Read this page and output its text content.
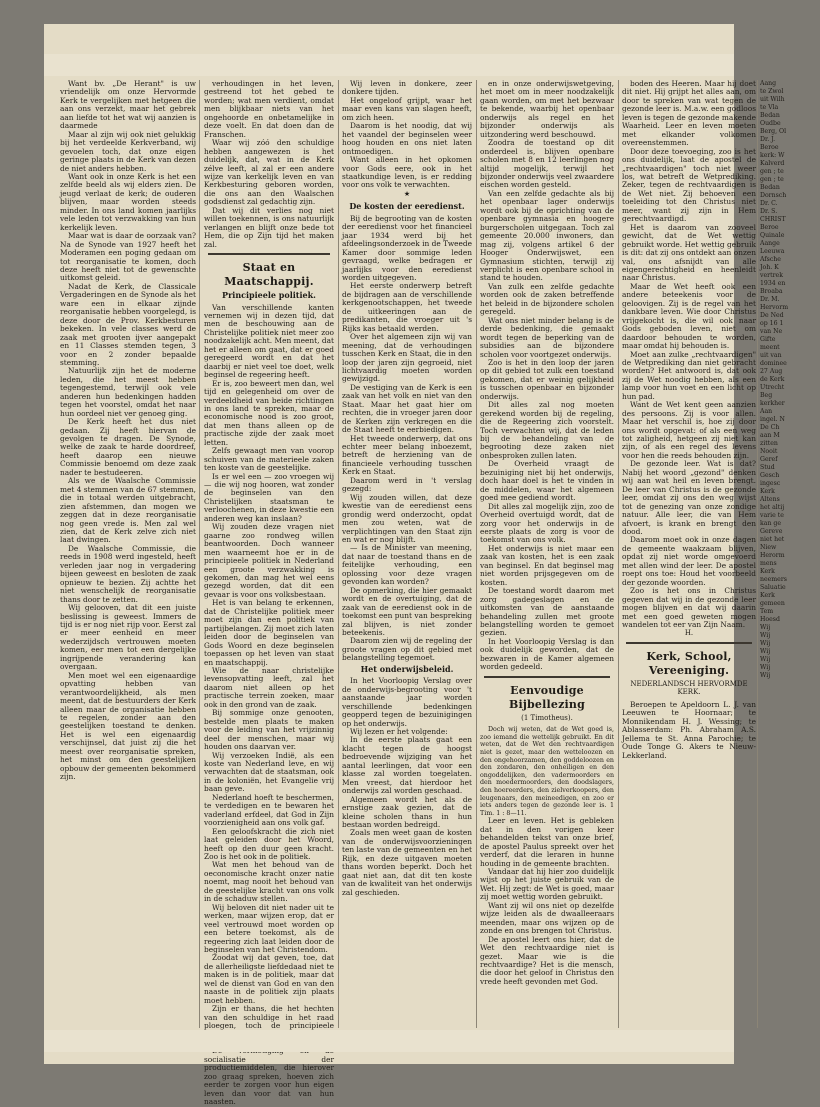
Want bv. „De Herant" is uw vriendelijk om onze Hervormde Kerk te vergelijken met hetgeen die aan ons verzekt, maar het gebrek aan liefde tot het wat wij aanzien is daarmede

Maar al zijn wij ook niet gelukkig bij het verdeelde Kerkverband, wij gevoelen toch, dat onze eigen geringe plaats in de Kerk van dezen de niet anders hebben.

Want ook in onze Kerk is het een zelfde beeld als wij elders zien. De jeugd verlaat de kerk; de ouderen blijven, maar worden steeds minder. In ons land komen jaarlijks vele leden tot verzwakking van hun kerkelijk leven.

Maar wat is daar de oorzaak van? Na de Synode van 1927 heeft het Moderamen een poging gedaan om tot reorganisatie te komen, doch deze heeft niet tot de gewenschte uitkomst geleid.

Nadat de Kerk, de Classicale Vergaderingen en de Synode als het ware een in elkaar zijnde reorganisatie hebben voorgelegd, is deze door de Prov. Kerkbesturen bekeken. In vele classes werd de zaak met grooten ijver aangepakt en 11 Classes stemden tegen, 3 voor en 2 zonder bepaalde stemming.

Natuurlijk zijn het de moderne leden, die het meest hebben tegengestemd, terwijl ook vele anderen hun bedenkingen hadden tegen het voorstel, omdat het naar hun oordeel niet ver genoeg ging.

De Kerk heeft het dus niet gedaan. Zij heeft hiervan de gevolgen te dragen. De Synode, welke de zaak te harde doordreef, heeft daarop een nieuwe Commissie benoemd om deze zaak nader te bestudeeren.

Als we de Waalsche Commissie met 4 stemmen van de 67 stemmen, die in totaal werden uitgebracht, zien afstemmen, dan mogen we zeggen dat in deze reorganisatie nog geen vrede is. Men zal wel zien, dat de Kerk zelve zich niet laat dwingen.

De Waalsche Commissie, die reeds in 1908 werd ingesteld, heeft verleden jaar nog in vergadering bijeen geweest en besloten de zaak opnieuw te bezien. Zij achtte het niet wenschelijk de reorganisatie thans door te zetten.

Wij gelooven, dat dit een juiste beslissing is geweest. Immers de tijd is er nog niet rijp voor. Eerst zal er meer eenheid en meer wederzijdsch vertrouwen moeten komen, eer men tot een dergelijke ingrijpende verandering kan overgaan.

Men moet wel een eigenaardige opvatting hebben van verantwoordelijkheid, als men meent, dat de bestuurders der Kerk alleen maar de organisatie hebben te regelen, zonder aan den geestelijken toestand te denken. Het is wel een eigenaardig verschijnsel, dat juist zij die het meest over reorganisatie spreken, het minst om den geestelijken opbouw der gemeenten bekommerd zijn.

verhoudingen in het leven, gestreend tot het gebed te worden; wat men verdient, omdat men blijkbaar niets van het ongehoorde en onbetamelijke in deze voelt. En dat doen dan de Franschen.

Waar wij zóó den schuldige hebben aangewezen is het duidelijk, dat, wat in de Kerk zélve leeft, al zal er een andere wijze van kerkelijk leven en van Kerkbesturing geboren worden, die ons aan den Waalschen godsdienst zal gedachtig zijn.

Dat wij dit verlies nog niet willen toekennen, is ons natuurlijk verlangen en blijft onze bede tot Hem, die op Zijn tijd het maken zal.

Staat en Maatschappij.
Principieele politiek.

Van verschillende kanten vernemen wij in dezen tijd, dat men de beschouwing aan de Christelijke politiek niet meer zoo noodzakelijk acht. Men meent, dat het er alleen om gaat, dat er goed geregeerd wordt en dat het daarbij er niet veel toe doet, welk beginsel de regeering heeft.

Er is, zoo beweert men dan, wel tijd en gelegenheid om over de verdeeldheid van beide richtingen in ons land te spreken, maar de economische nood is zoo groot, dat men thans alleen op de practische zijde der zaak moet letten.

Zelfs gewaagt men van voorop schuiven van de materieele zaken ten koste van de geestelijke.

Is er wel een — zoo vroegen wij — die wij nog hooren, wat zonder de beginselen van den Christelijken staatsman te verloochenen, in deze kwestie een anderen weg kan inslaan?

Wij zouden deze vragen niet gaarne zoo rondweg willen beantwoorden. Doch wanneer men waarneemt hoe er in de principieele politiek in Nederland een groote verzwakking is gekomen, dan mag het wel eens gezegd worden, dat dit een gevaar is voor ons volksbestaan.

Het is van belang te erkennen, dat de Christelijke politiek meer moet zijn dan een politiek van partijbelangen. Zij moet zich laten leiden door de beginselen van Gods Woord en deze beginselen toepassen op het leven van staat en maatschappij.

Wie de naar christelijke levensopvatting leeft, zal het daarom niet alleen op het practische terrein zoeken, maar ook in den grond van de zaak.

Bij sommige onze genooten, bestelde men plaats te maken voor de leiding van het vrijzinnig deel der menschen, maar wij houden ons daarvan ver.

Wij verzoeken Indië, als een koste van Nederland leve, en wij verwachten dat de staatsman, ook in de koloniën, het Evangelie vrij baan geve.

Nederland hoeft te beschermen, te verdedigen en te bewaren het vaderland erfdeel, dat God in Zijn voorzienigheid aan ons volk gaf.

Een geloofskracht die zich niet laat geleiden door het Woord, heeft op den duur geen kracht. Zoo is het ook in de politiek.

Wat men het behoud van de oeconomische kracht onzer natie noemt, mag nooit het behoud van de geestelijke kracht van ons volk in de schaduw stellen.

Wij beloven dit niet nader uit te werken, maar wijzen erop, dat er veel vertrouwd moet worden op een betere toekomst, als de regeering zich laat leiden door de beginselen van het Christendom.

Zoodat wij dat geven, toe, dat de allerheiligste liefdedaad niet te maken is in de politiek, maar dat wel de dienst van God en van den naaste in de politiek zijn plaats moet hebben.

Zijn er thans, die het hechten van den schuldige in het raad ploegen, toch de principieele

socialisatie der productiemiddelen, die hierover zoo graag spreken, hoeven zich eerder te zorgen voor hun eigen leven dan voor dat van hun naasten.

Wij leven in donkere, zeer donkere tijden.

Het ongeloof grijpt, waar het maar even kans van slagen heeft, om zich heen.

Daarom is het noodig, dat wij het vaandel der beginselen weer hoog houden en ons niet laten ontmoedigen.

Want alleen in het opkomen voor Gods eere, ook in het staatkundige leven, is er redding voor ons volk te verwachten.

★
De kosten der eeredienst.

Bij de begrooting van de kosten der eeredienst voor het financieel jaar 1934 werd bij het afdeelingsonderzoek in de Tweede Kamer door sommige leden gevraagd, welke bedragen er jaarlijks voor den eeredienst worden uitgegeven.

Het eerste onderwerp betreft de bijdragen aan de verschillende kerkgenootschappen, het tweede de uitkeeringen aan de predikanten, die vroeger uit 's Rijks kas betaald werden.

Over het algemeen zijn wij van meening, dat de verhoudingen tusschen Kerk en Staat, die in den loop der jaren zijn gegroeid, niet lichtvaardig moeten worden gewijzigd.

De vestiging van de Kerk is een zaak van het volk en niet van den Staat. Maar het gaat hier om rechten, die in vroeger jaren door de Kerken zijn verkregen en die de Staat heeft te eerbiedigen.

Het tweede onderwerp, dat ons echter meer belang inboezemt, betreft de herziening van de financieele verhouding tusschen Kerk en Staat.

Daarom werd in 't verslag gezegd:

Wij zouden willen, dat deze kwestie van de eeredienst eens grondig werd onderzocht, opdat men zou weten, wat de verplichtingen van den Staat zijn en wat er nog blijft.

— Is de Minister van meening, dat naar de toestand thans en de feitelijke verhouding, een oplossing voor deze vragen gevonden kan worden?

De opmerking, die hier gemaakt wordt en de overtuiging, dat de zaak van de eeredienst ook in de toekomst een punt van bespreking zal blijven, is niet zonder beteekenis.

Daarom zien wij de regeling der groote vragen op dit gebied met belangstelling tegemoet.

Het onderwijsbeleid.

In het Voorloopig Verslag over de onderwijs-begrooting voor 't aanstaande jaar worden verschillende bedenkingen geopperd tegen de bezuinigingen op het onderwijs.

Wij lezen er het volgende:

In de eerste plaats gaat een klacht tegen de hoogst bedroevende wijziging van het aantal leerlingen, dat voor een klasse zal worden toegelaten. Men vreest, dat hierdoor het onderwijs zal worden geschaad.

Algemeen wordt het als de ernstige zaak gezien, dat de kleine scholen thans in hun bestaan worden bedreigd.

Zoals men weet gaan de kosten van de onderwijsvoorzieningen ten laste van de gemeenten en het Rijk, en deze uitgaven moeten thans worden beperkt. Doch het gaat niet aan, dat dit ten koste van de kwaliteit van het onderwijs zal geschieden.

en in onze onderwijswetgeving, het moet om in meer noodzakelijk gaan worden, om met het bezwaar te bekende, waarbij het openbaar onderwijs als regel en het bijzonder onderwijs als uitzondering werd beschouwd.

Zoodra de toestand op dit onderdeel is, blijven openbare scholen met 8 en 12 leerlingen nog altijd mogelijk, terwijl het bijzonder onderwijs veel zwaardere eischen worden gesteld.

Van een zelfde gedachte als bij het openbaar lager onderwijs wordt ook bij de oprichting van de openbare gymnasia en hoogere burgerscholen uitgegaan. Toch zal gemeente 20.000 inwoners, dan mag zij, volgens artikel 6 der Hooger Onderwijswet, een Gymnasium stichten, terwijl zij verplicht is een openbare school in stand te houden.

Van zulk een zelfde gedachte worden ook de zaken betreffende het beleid in de bijzondere scholen geregeld.

Wat ons niet minder belang is de derde bedenking, die gemaakt wordt tegen de beperking van de subsidies aan de bijzondere scholen voor voortgezet onderwijs.

Zoo is het in den loop der jaren op dit gebied tot zulk een toestand gekomen, dat er weinig gelijkheid is tusschen openbaar en bijzonder onderwijs.

Dit alles zal nog moeten gerekend worden bij de regeling, die de Regeering zich voorstelt. Toch verwachten wij, dat de leden bij de behandeling van de begrooting deze zaken niet onbesproken zullen laten.

De Overheid vraagt de bezuiniging niet bij het onderwijs, doch haar doel is het te vinden in de middelen, waar het algemeen goed mee gediend wordt.

Dit alles zal mogelijk zijn, zoo de Overheid overtuigd wordt, dat de zorg voor het onderwijs in de eerste plaats de zorg is voor de toekomst van ons volk.

Het onderwijs is niet maar een zaak van kosten, het is een zaak van beginsel. En dat beginsel mag niet worden prijsgegeven om de kosten.

De toestand wordt daarom met zorg gadegeslagen en de uitkomsten van de aanstaande behandeling zullen met groote belangstelling worden te gemoet gezien.

In het Voorloopig Verslag is dan ook duidelijk geworden, dat de bezwaren in de Kamer algemeen worden gedeeld.

Eenvoudige Bijbellezing
(1 Timotheus).

Doch wij weten, dat de Wet goed is, zoo iemand die wettelijk gebruikt. En dit weten, dat de Wet den rechtvaardigen niet is gezet, maar den wetteloozen en den ongehoorzamen, den goddeloozen en den zondaren, den onheiligen en den ongoddelijken, den vadermoorders en den moedermoorders, den doodslagers, den hoereerders, den zielverkoopers, den leugenaars, den meineedigen, en zoo er iets anders tegen de gezonde leer is. 1 Tim. 1 : 8—11.

Leer en leven. Het is gebleken dat in den vorigen keer behandelden tekst van onze brief, de apostel Paulus spreekt over het verderf, dat die leraren in hunne houding in de gemeente brachten.

Vandaar dat hij hier zoo duidelijk wijst op het juiste gebruik van de Wet. Hij zegt: de Wet is goed, maar zij moet wettig worden gebruikt.

Want zij wil ons niet op dezelfde wijze leiden als de dwaalleeraars meenden, maar ons wijzen op de zonde en ons brengen tot Christus.

De apostel leert ons hier, dat de Wet den rechtvaardige niet is gezet. Maar wie is die rechtvaardige? Het is die mensch, die door het geloof in Christus den vrede heeft gevonden met God.

boden des Heeren. Maar hij doet dit niet. Hij grijpt het alles aan, om door te spreken van wat tegen de gezonde leer is. M.a.w. een godloos leven is tegen de gezonde makende Waarheid. Leer en leven moeten met elkander volkomen overeenstemmen.

Door deze toevoeging, zoo is het ons duidelijk, laat de apostel de „rechtvaardigen" toch niet weer los, wat betreft de Wetprediking. Zeker, tegen de rechtvaardigen is de Wet niet. Zij behoeven een toeleiding tot den Christus niet meer, want zij zijn in Hem gerechtvaardigd.

Het is daarom van zooveel gewicht, dat de Wet wettig gebruikt worde. Het wettig gebruik is dit: dat zij ons ontdekt aan onzen val, ons afsnijdt van alle eigengerechtigheid en heenleidt naar Christus.

Maar de Wet heeft ook een andere beteekenis voor de geloovigen. Zij is de regel van het dankbare leven. Wie door Christus vrijgekocht is, die wil ook naar Gods geboden leven, niet om daardoor behouden te worden, maar omdat hij behouden is.

Moet aan zulke „rechtvaardigen" de Wetprediking dan niet gebracht worden? Het antwoord is, dat ook zij de Wet noodig hebben, als een lamp voor hun voet en een licht op hun pad.

Want de Wet kent geen aanzien des persoons. Zij is voor allen. Maar het verschil is, hoe zij door ons wordt opgevat: of als een weg tot zaligheid, hetgeen zij niet kan zijn, of als een regel des levens voor hen die reeds behouden zijn.

De gezonde leer. Wat is dat? Nabij het woord „gezond" denken wij aan wat heil en leven brengt. De leer van Christus is de gezonde leer, omdat zij ons den weg wijst tot de genezing van onze zondige natuur. Alle leer, die van Hem afvoert, is krank en brengt den dood.

Daarom moet ook in onze dagen de gemeente waakzaam blijven, opdat zij niet worde omgevoerd met allen wind der leer. De apostel roept ons toe: Houd het voorbeeld der gezonde woorden.

Zoo is het ons in Christus gegeven dat wij in de gezonde leer mogen blijven en dat wij daarin met een goed geweten mogen wandelen tot eer van Zijn Naam.

H.
Kerk, School, Vereeniging.
NEDERLANDSCH HERVORMDE KERK.

Beroepen te Apeldoorn L. J. van Leeuwen te Hoornaar; te Monnikendam H. J. Wessing; te Ablasserdam: Ph. Abraham A.S. Jellema te St. Anna Parochie; te Oude Tonge G. Akers te Nieuw-Lekkerland.

Aang
te Zwol
uit Wilh
te Vla
Bedan
Oudbe
Berg, Ol
Dr. J.
Beroe
kerk: W
Kalverd
gen ; te
gen ; te
Bedan
Dornsch
Dr. C.
Dr. S.
CHRIST
Beroe
Quinale
Aange
Leeuwa
Afsche
Joh. K
vertrek
1934 en
Broaba
Dr. M.
Hervorm
De Ned
op 16 1
van Ne
Gifte
meent
uit van
dominee
27 Aug
de Kerk
Utrecht
Beg
kerkher
Aan
ingel. N
De Ch
aan M
zitten
Nooit
Geref
Stud
Gesch
ingesc
Kerk
Altens
het altij
varie te
kan ge
Gereve
niet het
Niew
Herorm
mens
Kerk
neemers
Saluatie
Kerk
gemeen
Tem
Hoesd
Wij
Wij
Wij
Wij
Wij
Wij
Wij
